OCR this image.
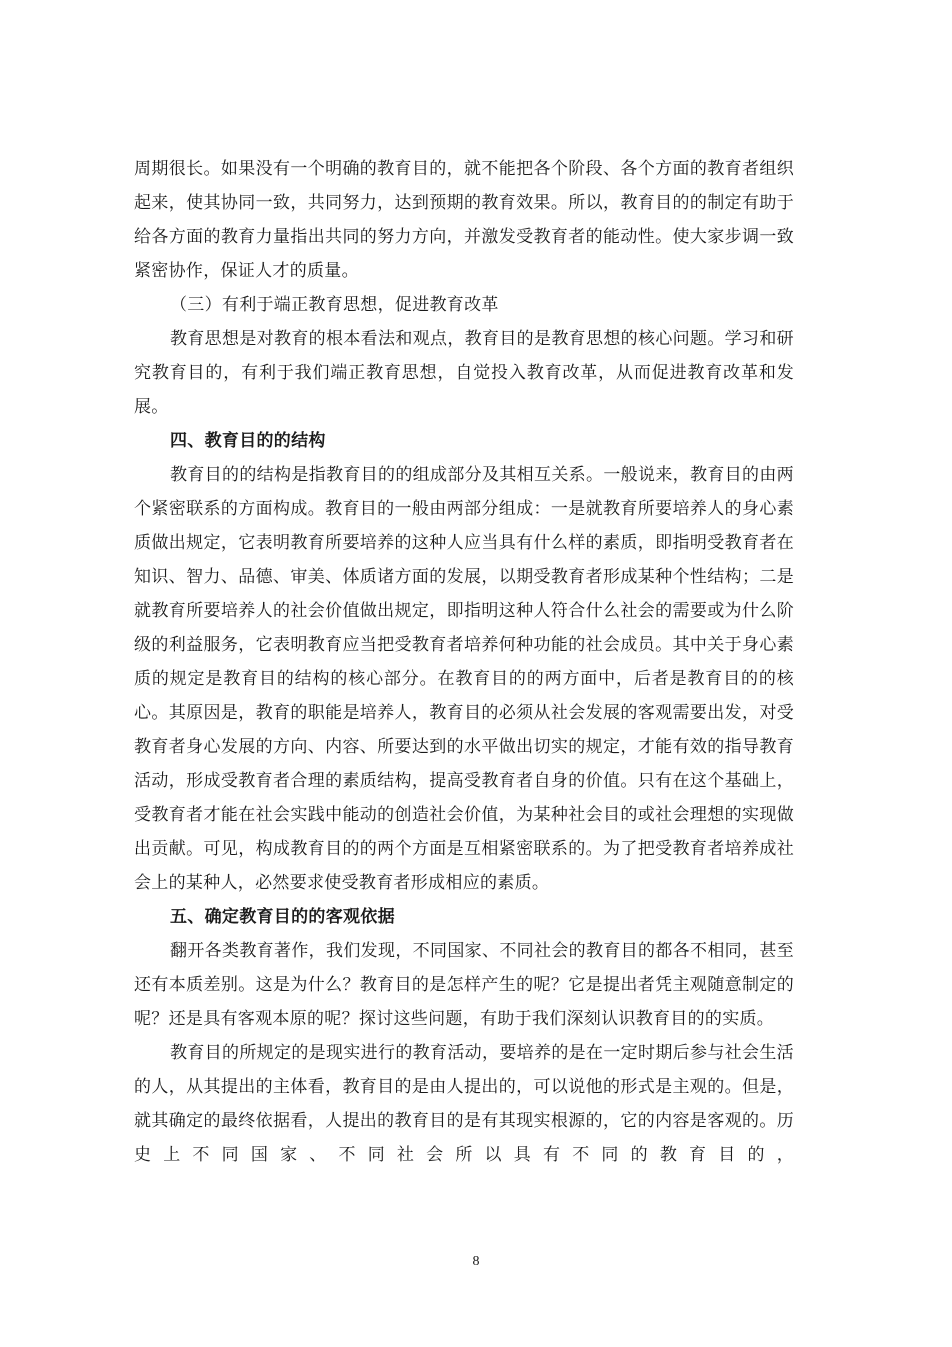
周期很长。如果没有一个明确的教育目的，就不能把各个阶段、各个方面的教育者组织起来，使其协同一致，共同努力，达到预期的教育效果。所以，教育目的的制定有助于给各方面的教育力量指出共同的努力方向，并激发受教育者的能动性。使大家步调一致紧密协作，保证人才的质量。

（三）有利于端正教育思想，促进教育改革

教育思想是对教育的根本看法和观点，教育目的是教育思想的核心问题。学习和研究教育目的，有利于我们端正教育思想，自觉投入教育改革，从而促进教育改革和发展。

四、教育目的的结构

教育目的的结构是指教育目的的组成部分及其相互关系。一般说来，教育目的由两个紧密联系的方面构成。教育目的一般由两部分组成：一是就教育所要培养人的身心素质做出规定，它表明教育所要培养的这种人应当具有什么样的素质，即指明受教育者在知识、智力、品德、审美、体质诸方面的发展，以期受教育者形成某种个性结构；二是就教育所要培养人的社会价值做出规定，即指明这种人符合什么社会的需要或为什么阶级的利益服务，它表明教育应当把受教育者培养何种功能的社会成员。其中关于身心素质的规定是教育目的结构的核心部分。在教育目的的两方面中，后者是教育目的的核心。其原因是，教育的职能是培养人，教育目的必须从社会发展的客观需要出发，对受教育者身心发展的方向、内容、所要达到的水平做出切实的规定，才能有效的指导教育活动，形成受教育者合理的素质结构，提高受教育者自身的价值。只有在这个基础上，受教育者才能在社会实践中能动的创造社会价值，为某种社会目的或社会理想的实现做出贡献。可见，构成教育目的的两个方面是互相紧密联系的。为了把受教育者培养成社会上的某种人，必然要求使受教育者形成相应的素质。

五、确定教育目的的客观依据

翻开各类教育著作，我们发现，不同国家、不同社会的教育目的都各不相同，甚至还有本质差别。这是为什么？教育目的是怎样产生的呢？它是提出者凭主观随意制定的呢？还是具有客观本原的呢？探讨这些问题，有助于我们深刻认识教育目的的实质。

教育目的所规定的是现实进行的教育活动，要培养的是在一定时期后参与社会生活的人，从其提出的主体看，教育目的是由人提出的，可以说他的形式是主观的。但是，就其确定的最终依据看，人提出的教育目的是有其现实根源的，它的内容是客观的。历史上不同国家、不同社会所以具有不同的教育目的，

8
